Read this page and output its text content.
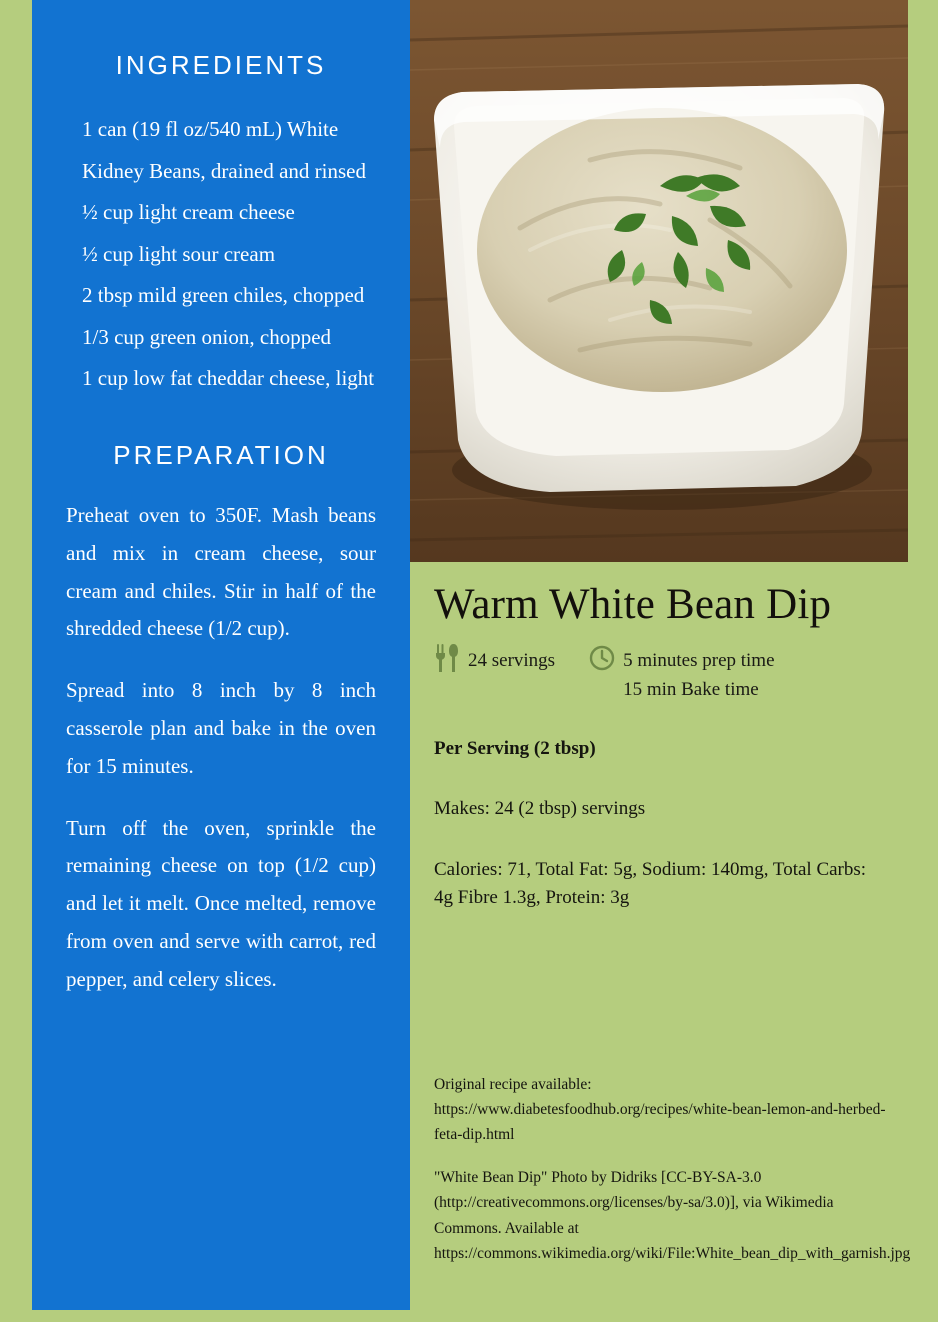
INGREDIENTS
1 can (19 fl oz/540 mL) White Kidney Beans, drained and rinsed
½ cup light cream cheese
½ cup light sour cream
2 tbsp mild green chiles, chopped
1/3 cup green onion, chopped
1 cup low fat cheddar cheese, light
PREPARATION

Preheat oven to 350F. Mash beans and mix in cream cheese, sour cream and chiles. Stir in half of the shredded cheese (1/2 cup).

Spread into 8 inch by 8 inch casserole plan and bake in the oven for 15 minutes.

Turn off the oven, sprinkle the remaining cheese on top (1/2 cup) and let it melt. Once melted, remove from oven and serve with carrot, red pepper, and celery slices.

Warm White Bean Dip
24 servings	5 minutes prep time
15 min Bake time
Per Serving (2 tbsp)
Makes: 24 (2 tbsp) servings
Calories: 71, Total Fat: 5g, Sodium: 140mg, Total Carbs: 4g Fibre 1.3g, Protein: 3g

Original recipe available: https://www.diabetesfoodhub.org/recipes/white-bean-lemon-and-herbed-feta-dip.html

"White Bean Dip" Photo by Didriks [CC-BY-SA-3.0 (http://creativecommons.org/licenses/by-sa/3.0)], via Wikimedia Commons. Available at https://commons.wikimedia.org/wiki/File:White_bean_dip_with_garnish.jpg
